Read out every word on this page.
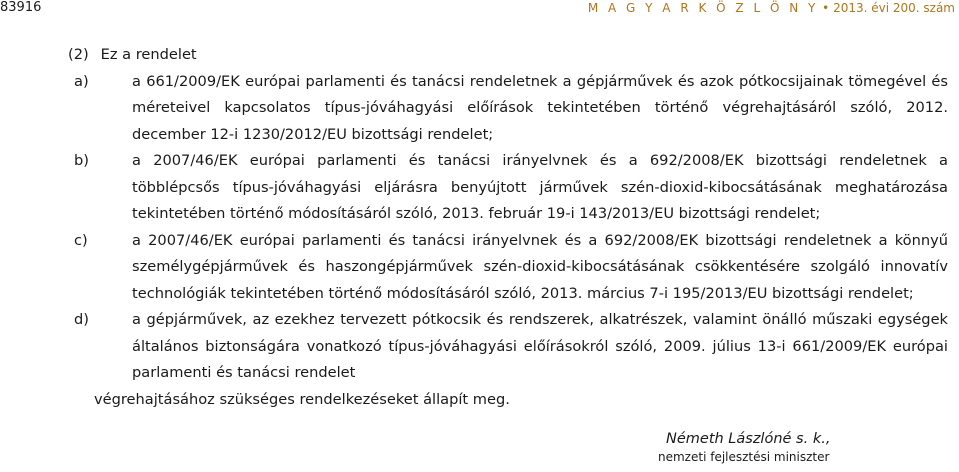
83916	M A G Y A R K Ö Z L Ö N Y • 2013. évi 200. szám

(2) Ez a rendelet

a)	a 661/2009/EK európai parlamenti és tanácsi rendeletnek a gépjárművek és azok pótkocsijainak tömegével és méreteivel kapcsolatos típus-jóváhagyási előírások tekintetében történő végrehajtásáról szóló, 2012. december 12-i 1230/2012/EU bizottsági rendelet;
b)	a 2007/46/EK európai parlamenti és tanácsi irányelvnek és a 692/2008/EK bizottsági rendeletnek a többlépcsős típus-jóváhagyási eljárásra benyújtott járművek szén-dioxid-kibocsátásának meghatározása tekintetében történő módosításáról szóló, 2013. február 19-i 143/2013/EU bizottsági rendelet;
c)	a 2007/46/EK európai parlamenti és tanácsi irányelvnek és a 692/2008/EK bizottsági rendeletnek a könnyű személygépjárművek és haszongépjárművek szén-dioxid-kibocsátásának csökkentésére szolgáló innovatív technológiák tekintetében történő módosításáról szóló, 2013. március 7-i 195/2013/EU bizottsági rendelet;
d)	a gépjárművek, az ezekhez tervezett pótkocsik és rendszerek, alkatrészek, valamint önálló műszaki egységek általános biztonságára vonatkozó típus-jóváhagyási előírásokról szóló, 2009. július 13-i 661/2009/EK európai parlamenti és tanácsi rendelet

végrehajtásához szükséges rendelkezéseket állapít meg.

Németh Lászlóné s. k.,
nemzeti fejlesztési miniszter
